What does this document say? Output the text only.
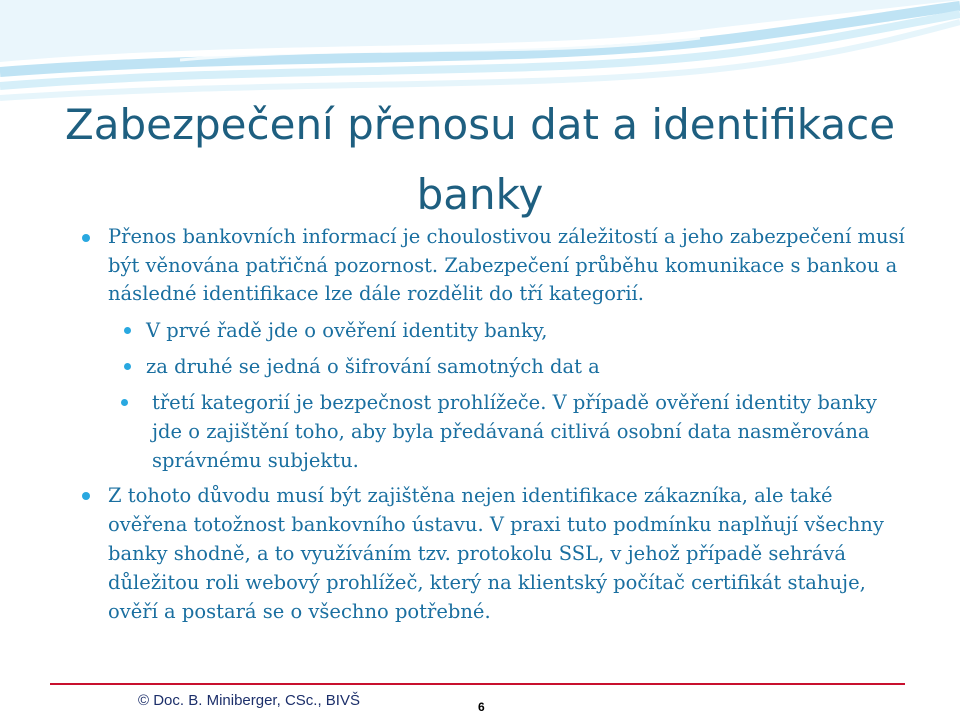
Zabezpečení přenosu dat a identifikace
banky

Přenos bankovních informací je choulostivou záležitostí a jeho zabezpečení musí být věnována patřičná pozornost. Zabezpečení průběhu komunikace s bankou a následné identifikace lze dále rozdělit do tří kategorií.

V prvé řadě jde o ověření identity banky,

za druhé se jedná o šifrování samotných dat a

třetí kategorií je bezpečnost prohlížeče. V případě ověření identity banky jde o zajištění toho, aby byla předávaná citlivá osobní data nasměrována správnému subjektu.

Z tohoto důvodu musí být zajištěna nejen identifikace zákazníka, ale také ověřena totožnost bankovního ústavu. V praxi tuto podmínku naplňují všechny banky shodně, a to využíváním tzv. protokolu SSL, v jehož případě sehrává důležitou roli webový prohlížeč, který na klientský počítač certifikát stahuje, ověří a postará se o všechno potřebné.

© Doc. B. Miniberger, CSc., BIVŠ	6
